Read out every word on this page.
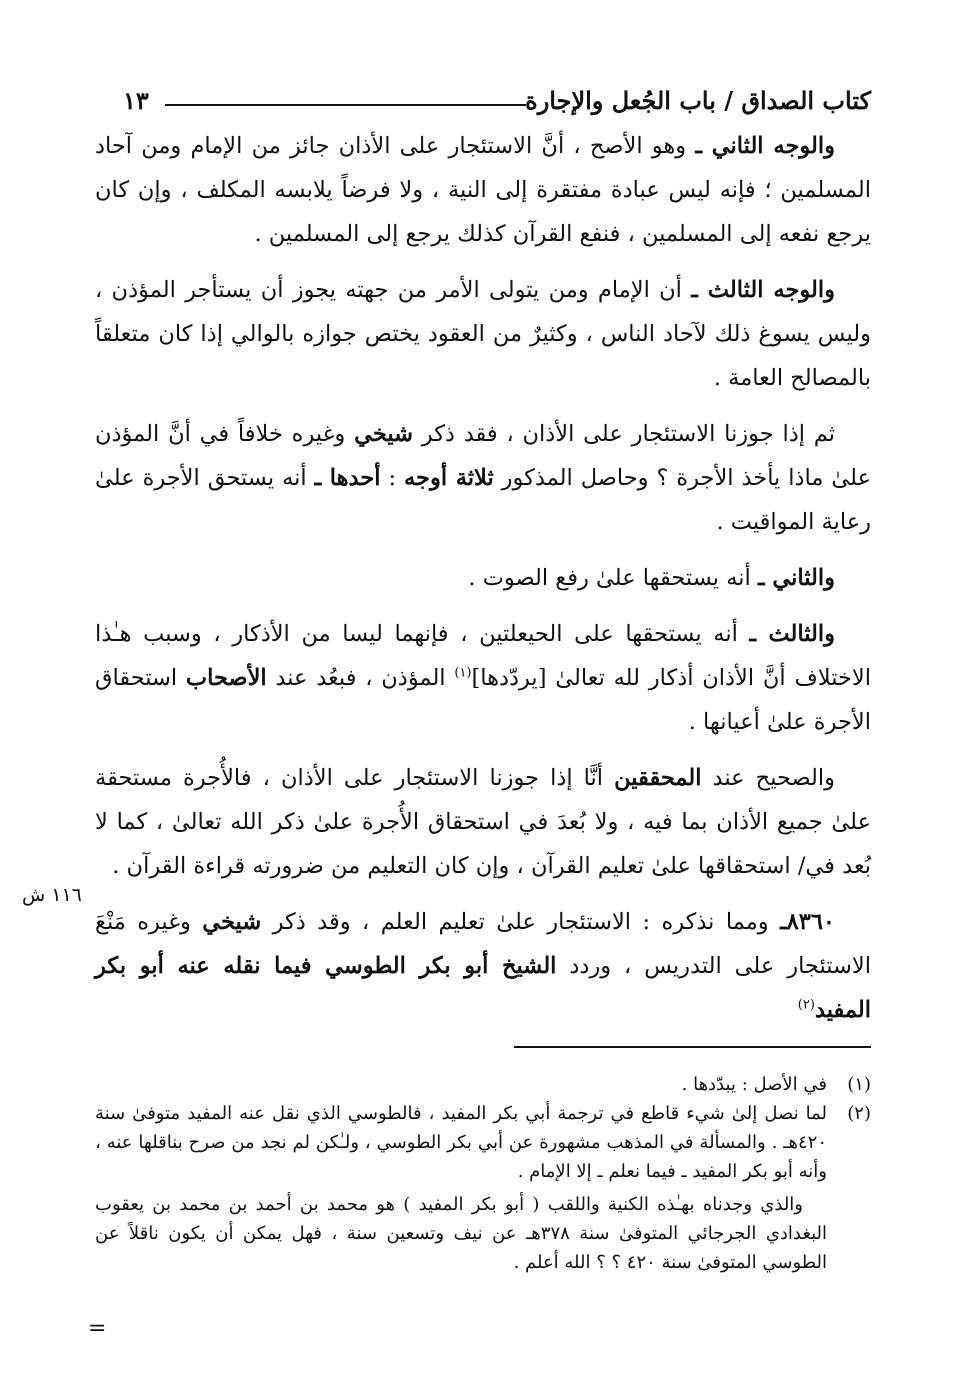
كتاب الصداق / باب الجُعل والإجارة
١٣

والوجه الثاني ـ وهو الأصح ، أنَّ الاستئجار على الأذان جائز من الإمام ومن آحاد المسلمين ؛ فإنه ليس عبادة مفتقرة إلى النية ، ولا فرضاً يلابسه المكلف ، وإن كان يرجع نفعه إلى المسلمين ، فنفع القرآن كذلك يرجع إلى المسلمين .

والوجه الثالث ـ أن الإمام ومن يتولى الأمر من جهته يجوز أن يستأجر المؤذن ، وليس يسوغ ذلك لآحاد الناس ، وكثيرٌ من العقود يختص جوازه بالوالي إذا كان متعلقاً بالمصالح العامة .

ثم إذا جوزنا الاستئجار على الأذان ، فقد ذكر شيخي وغيره خلافاً في أنَّ المؤذن علىٰ ماذا يأخذ الأجرة ؟ وحاصل المذكور ثلاثة أوجه : أحدها ـ أنه يستحق الأجرة علىٰ رعاية المواقيت .

والثاني ـ أنه يستحقها علىٰ رفع الصوت .

والثالث ـ أنه يستحقها على الحيعلتين ، فإنهما ليسا من الأذكار ، وسبب هـٰذا الاختلاف أنَّ الأذان أذكار لله تعالىٰ [يردّدها]$^{(١)}$ المؤذن ، فبعُد عند الأصحاب استحقاق الأجرة علىٰ أعيانها .

والصحيح عند المحققين أنَّا إذا جوزنا الاستئجار على الأذان ، فالأُجرة مستحقة علىٰ جميع الأذان بما فيه ، ولا بُعدَ في استحقاق الأُجرة علىٰ ذكر الله تعالىٰ ، كما لا بُعد في/ استحقاقها علىٰ تعليم القرآن ، وإن كان التعليم من ضرورته قراءة القرآن .

٨٣٦٠ـ ومما نذكره : الاستئجار علىٰ تعليم العلم ، وقد ذكر شيخي وغيره مَنْعَ الاستئجار على التدريس ، وردد الشيخ أبو بكر الطوسي فيما نقله عنه أبو بكر المفيد$^{(٢)}$

١١٦ ش
(١)
في الأصل : يبدّدها .
(٢)
لما نصل إلىٰ شيء قاطع في ترجمة أبي بكر المفيد ، فالطوسي الذي نقل عنه المفيد متوفىٰ سنة ٤٢٠هـ . والمسألة في المذهب مشهورة عن أبي بكر الطوسي ، ولـٰكن لم نجد من صرح بناقلها عنه ، وأنه أبو بكر المفيد ـ فيما نعلم ـ إلا الإمام .
والذي وجدناه بهـٰذه الكنية واللقب ( أبو بكر المفيد ) هو محمد بن أحمد بن محمد بن يعقوب البغدادي الجرجائي المتوفىٰ سنة ٣٧٨هـ عن نيف وتسعين سنة ، فهل يمكن أن يكون ناقلاً عن الطوسي المتوفىٰ سنة ٤٢٠ ؟ ؟ الله أعلم .
=
